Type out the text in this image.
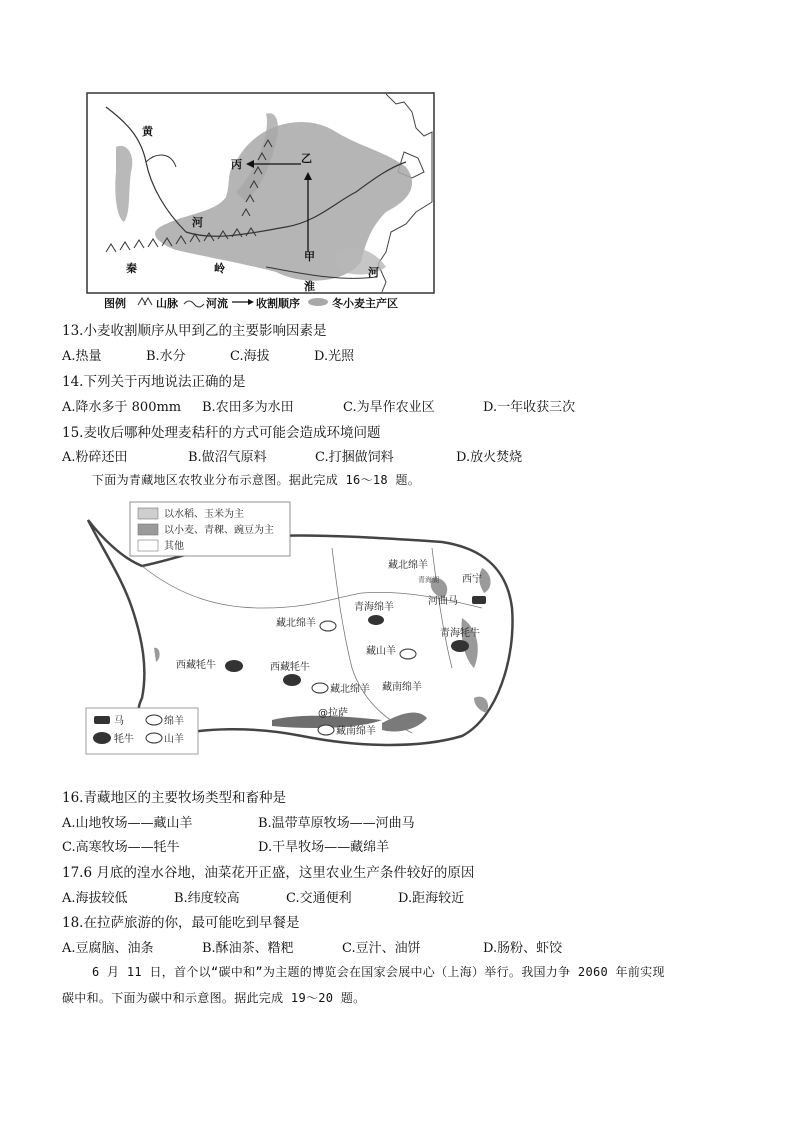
黄
河
秦	岭
丙	乙
甲
淮
河
图例	山脉	河流	收割顺序	冬小麦主产区
13.小麦收割顺序从甲到乙的主要影响因素是
A.热量	B.水分	C.海拔	D.光照
14.下列关于丙地说法正确的是
A.降水多于 800mm B.农田多为水田	C.为旱作农业区	D.一年收获三次
15.麦收后哪种处理麦秸秆的方式可能会造成环境问题
A.粉碎还田	B.做沼气原料	C.打捆做饲料	D.放火焚烧
下面为青藏地区农牧业分布示意图。据此完成 16～18 题。
以水稻、玉米为主
以小麦、青稞、豌豆为主
其他
马	绵羊
牦牛	山羊
藏北绵羊
西宁
青海湖
河曲马
青海绵羊
藏北绵羊
青海牦牛
藏山羊
西藏牦牛	西藏牦牛
藏北绵羊 藏南绵羊
@拉萨
藏南绵羊
16.青藏地区的主要牧场类型和畜种是
A.山地牧场——藏山羊	B.温带草原牧场——河曲马
C.高寒牧场——牦牛	D.干旱牧场——藏绵羊
17.6 月底的湟水谷地，油菜花开正盛，这里农业生产条件较好的原因
A.海拔较低	B.纬度较高	C.交通便利	D.距海较近
18.在拉萨旅游的你，最可能吃到早餐是
A.豆腐脑、油条	B.酥油茶、糌粑	C.豆汁、油饼	D.肠粉、虾饺
6 月 11 日，首个以“碳中和”为主题的博览会在国家会展中心（上海）举行。我国力争 2060 年前实现
碳中和。下面为碳中和示意图。据此完成 19～20 题。
